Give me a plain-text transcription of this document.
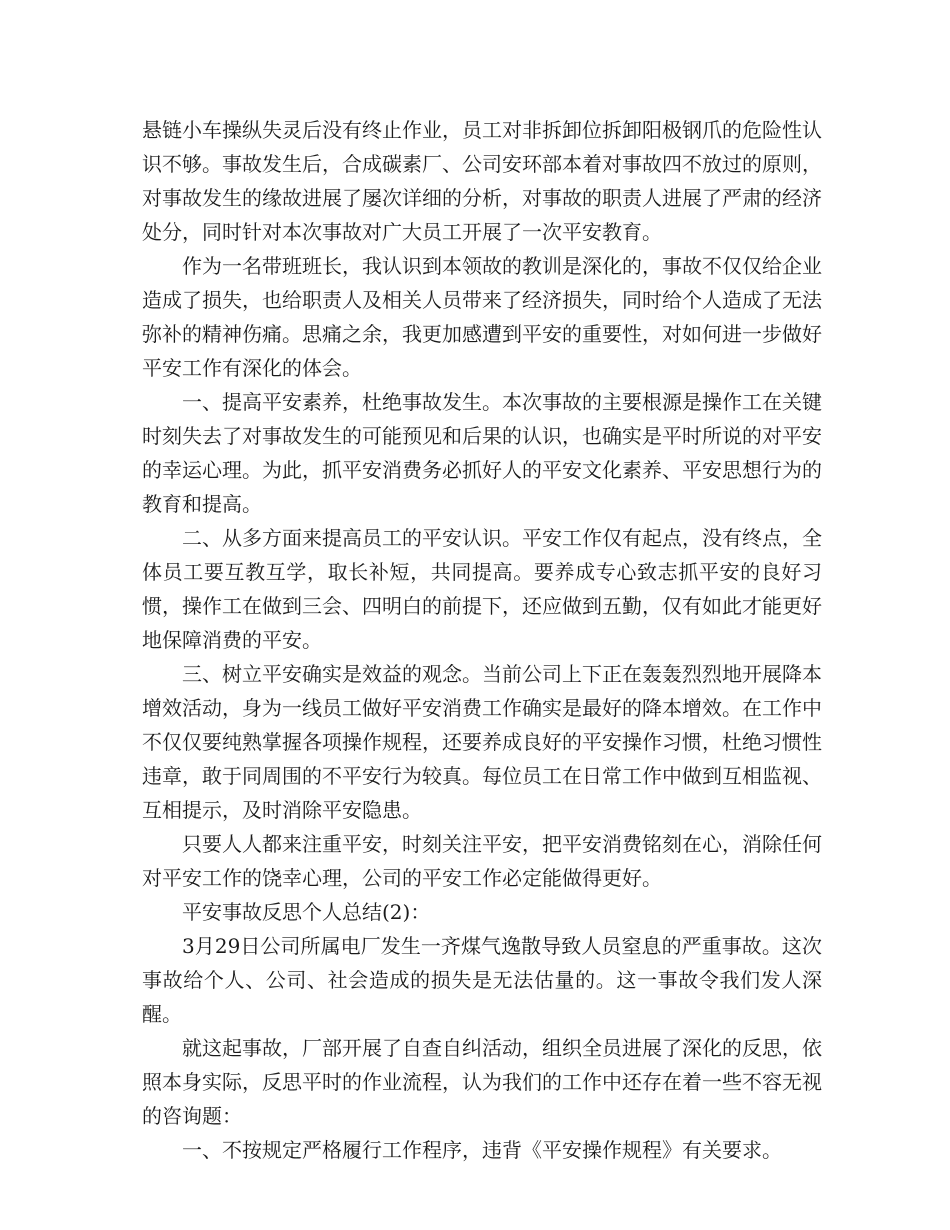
悬链小车操纵失灵后没有终止作业，员工对非拆卸位拆卸阳极钢爪的危险性认识不够。事故发生后，合成碳素厂、公司安环部本着对事故四不放过的原则，对事故发生的缘故进展了屡次详细的分析，对事故的职责人进展了严肃的经济处分，同时针对本次事故对广大员工开展了一次平安教育。

作为一名带班班长，我认识到本领故的教训是深化的，事故不仅仅给企业造成了损失，也给职责人及相关人员带来了经济损失，同时给个人造成了无法弥补的精神伤痛。思痛之余，我更加感遭到平安的重要性，对如何进一步做好平安工作有深化的体会。

一、提高平安素养，杜绝事故发生。本次事故的主要根源是操作工在关键时刻失去了对事故发生的可能预见和后果的认识，也确实是平时所说的对平安的幸运心理。为此，抓平安消费务必抓好人的平安文化素养、平安思想行为的教育和提高。

二、从多方面来提高员工的平安认识。平安工作仅有起点，没有终点，全体员工要互教互学，取长补短，共同提高。要养成专心致志抓平安的良好习惯，操作工在做到三会、四明白的前提下，还应做到五勤，仅有如此才能更好地保障消费的平安。

三、树立平安确实是效益的观念。当前公司上下正在轰轰烈烈地开展降本增效活动，身为一线员工做好平安消费工作确实是最好的降本增效。在工作中不仅仅要纯熟掌握各项操作规程，还要养成良好的平安操作习惯，杜绝习惯性违章，敢于同周围的不平安行为较真。每位员工在日常工作中做到互相监视、互相提示，及时消除平安隐患。

只要人人都来注重平安，时刻关注平安，把平安消费铭刻在心，消除任何对平安工作的饶幸心理，公司的平安工作必定能做得更好。

平安事故反思个人总结(2)：

3月29日公司所属电厂发生一齐煤气逸散导致人员窒息的严重事故。这次事故给个人、公司、社会造成的损失是无法估量的。这一事故令我们发人深醒。

就这起事故，厂部开展了自查自纠活动，组织全员进展了深化的反思，依照本身实际，反思平时的作业流程，认为我们的工作中还存在着一些不容无视的咨询题：

一、不按规定严格履行工作程序，违背《平安操作规程》有关要求。
